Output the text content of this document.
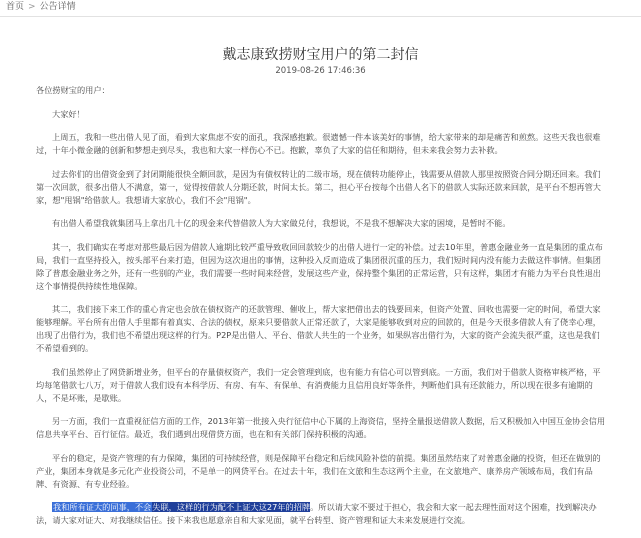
首页 > 公告详情
戴志康致捞财宝用户的第二封信
2019-08-26 17:46:36

各位捞财宝的用户：

大家好！

上周五，我和一些出借人见了面，看到大家焦虑不安的面孔，我深感抱歉。很遗憾一件本该美好的事情，给大家带来的却是痛苦和煎熬。这些天我也很难过，十年小微金融的创新和梦想走到尽头，我也和大家一样伤心不已。抱歉，辜负了大家的信任和期待，但未来我会努力去补救。

过去你们的出借资金到了封闭期能很快全额回款，是因为有债权转让的二级市场，现在债转功能停止，钱需要从借款人那里按照资合同分期还回来。我们第一次回款，很多出借人不满意，第一，觉得按借款人分期还款，时间太长。第二，担心平台按每个出借人名下的借款人实际还款来回款，是平台不想再管大家，想"甩锅"给借款人。我想请大家放心，我们不会"甩锅"。

有出借人希望我就集团马上拿出几十亿的现金来代替借款人为大家做兑付，我想说，不是我不想解决大家的困境，是暂时不能。

其一，我们确实在考虑对那些最后因为借款人逾期比较严重导致收回回款较少的出借人进行一定的补偿。过去10年里，普惠金融业务一直是集团的重点布局，我们一直坚持投入，按头部平台来打造，但因为这次退出的事情，这种投入反而造成了集团很沉重的压力，我们短时间内没有能力去做这件事情。但集团除了普惠金融业务之外，还有一些别的产业，我们需要一些时间来经营，发展这些产业，保持整个集团的正常运营，只有这样，集团才有能力为平台良性退出这个事情提供持续性地保障。

其二，我们接下来工作的重心肯定也会放在债权资产的还款管理、催收上，帮大家把借出去的钱要回来，但资产处置、回收也需要一定的时间，希望大家能够理解。平台所有出借人手里都有着真实、合法的债权，原来只要借款人正常还款了，大家是能够收到对应的回款的，但是今天很多借款人有了侥幸心理，出现了出借行为，我们也不希望出现这样的行为。P2P是出借人、平台、借款人共生的一个业务，如果纵容出借行为，大家的资产会流失很严重，这也是我们不希望看到的。

我们虽然停止了网贷新增业务，但平台的存量债权资产，我们一定会管理到底，也有能力有信心可以管到底。一方面，我们对于借款人资格审核严格，平均每笔借款七八万，对于借款人我们设有本科学历、有房、有车、有保单、有消费能力且信用良好等条件，判断他们具有还款能力，所以现在很多有逾期的人，不是坏账，是歇账。

另一方面，我们一直重视征信方面的工作，2013年第一批接入央行征信中心下属的上海资信，坚持全量报送借款人数据，后又积极加入中国互金协会信用信息共享平台、百行征信。最近，我们遇到出现借贷方面，也在和有关部门保持积极的沟通。

平台的稳定，是资产管理的有力保障，集团的可持续经营，则是保障平台稳定和后续风险补偿的前提。集团虽然结束了对普惠金融的投资，但还在做别的产业，集团本身就是多元化产业投资公司，不是单一的网贷平台。在过去十年，我们在文旅和生态这两个主业，在文旅地产、康养房产领域布局，我们有品牌、有资源、有专业经验。

我和所有证大的同事，不会失联，这样的行为配不上证大这27年的招牌。所以请大家不要过于担心，我会和大家一起去理性面对这个困难，找到解决办法，请大家对证大、对我继续信任。接下来我也愿意亲自和大家见面，就平台转型、资产管理和证大未来发展进行交流。
